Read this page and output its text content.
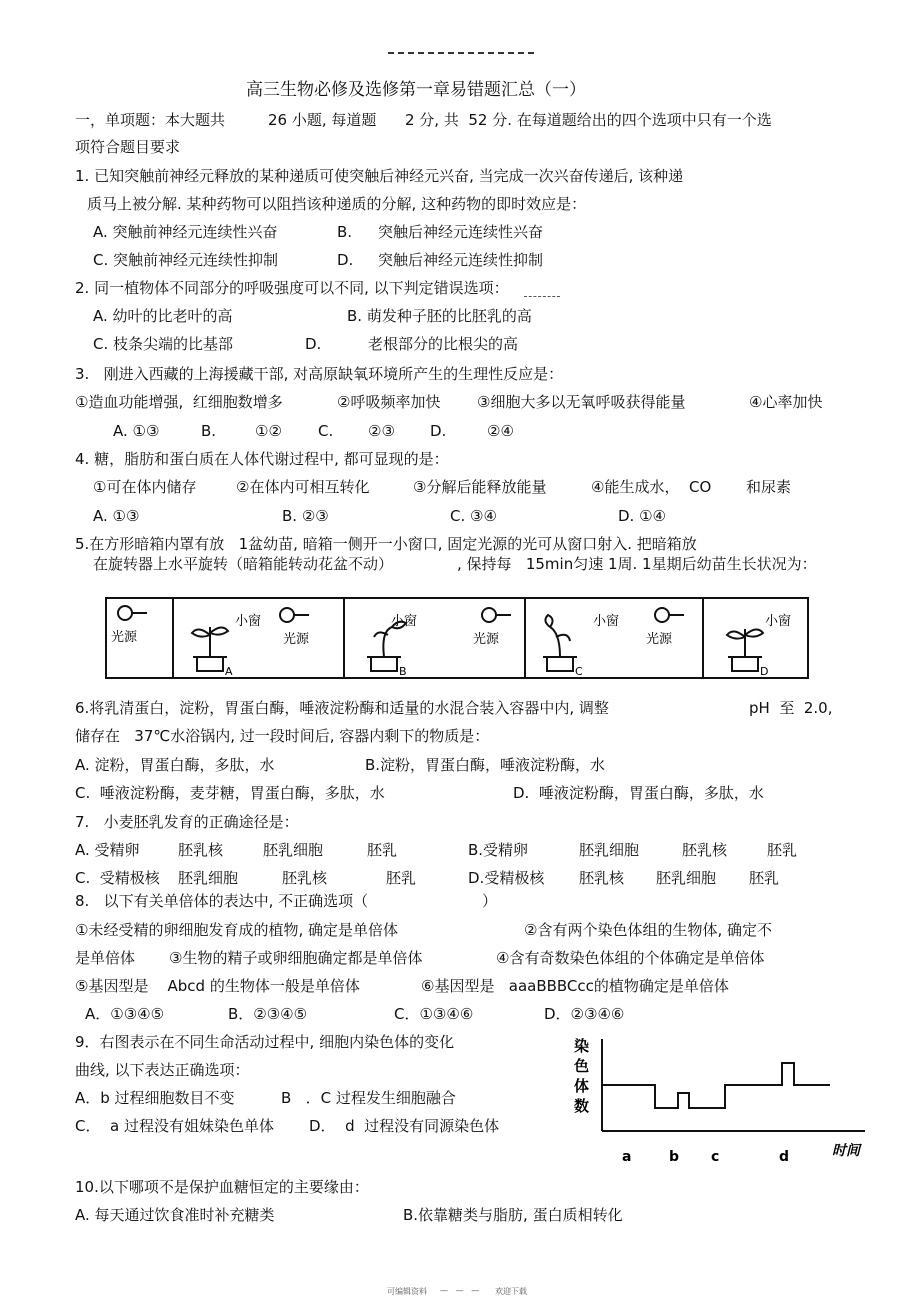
高三生物必修及选修第一章易错题汇总（一）
一，单项题：本大题共	26 小题, 每道题 2 分, 共  52 分. 在每道题给出的四个选项中只有一个选
项符合题目要求
1. 已知突触前神经元释放的某种递质可使突触后神经元兴奋, 当完成一次兴奋传递后, 该种递
质马上被分解. 某种药物可以阻挡该种递质的分解, 这种药物的即时效应是：
A. 突触前神经元连续性兴奋	B. 突触后神经元连续性兴奋
C. 突触前神经元连续性抑制	D. 突触后神经元连续性抑制
2. 同一植物体不同部分的呼吸强度可以不同, 以下判定错误选项：
A. 幼叶的比老叶的高	B. 萌发种子胚的比胚乳的高
C. 枝条尖端的比基部	D.	老根部分的比根尖的高
3.   刚进入西藏的上海援藏干部, 对高原缺氧环境所产生的生理性反应是：
①造血功能增强,  红细胞数增多	②呼吸频率加快 ③细胞大多以无氧呼吸获得能量	④心率加快
A. ①③	B.	①② C. ②③ D.	②④
4. 糖，脂肪和蛋白质在人体代谢过程中, 都可显现的是：
①可在体内储存	②在体内可相互转化	③分解后能释放能量	④能生成水，  CO 和尿素
A. ①③	B. ②③	C. ③④	D. ①④
5.在方形暗箱内罩有放   1盆幼苗, 暗箱一侧开一小窗口, 固定光源的光可从窗口射入. 把暗箱放
在旋转器上水平旋转（暗箱能转动花盆不动）	, 保持每   15min匀速 1周. 1星期后幼苗生长状况为：
光源	光源	光源	光源
小窗	小窗	小窗	小窗
A	B	C	D
6.将乳清蛋白，淀粉，胃蛋白酶，唾液淀粉酶和适量的水混合装入容器中内, 调整	pH  至  2.0,
储存在   37℃水浴锅内, 过一段时间后, 容器内剩下的物质是：
A. 淀粉，胃蛋白酶，多肽，水	B.淀粉，胃蛋白酶，唾液淀粉酶，水
C.  唾液淀粉酶，麦芽糖，胃蛋白酶，多肽，水	D.  唾液淀粉酶，胃蛋白酶，多肽，水
7.   小麦胚乳发育的正确途径是：
A. 受精卵	胚乳核	胚乳细胞	胚乳	B.受精卵	胚乳细胞	胚乳核	胚乳
C.  受精极核 胚乳细胞	胚乳核	胚乳	D.受精极核 胚乳核 胚乳细胞 胚乳
8.   以下有关单倍体的表达中, 不正确选项（	）
①未经受精的卵细胞发育成的植物, 确定是单倍体	②含有两个染色体组的生物体, 确定不
是单倍体 ③生物的精子或卵细胞确定都是单倍体	④含有奇数染色体组的个体确定是单倍体
⑤基因型是    Abcd 的生物体一般是单倍体	⑥基因型是   aaaBBBCcc的植物确定是单倍体
A．①③④⑤	B．②③④⑤	C．①③④⑥	D．②③④⑥
9．右图表示在不同生命活动过程中, 细胞内染色体的变化
曲线, 以下表达正确选项：
A．b 过程细胞数目不变	B   ．C 过程发生细胞融合
C．  a 过程没有姐妹染色单体 D．  d  过程没有同源染色体
染
色
体
数
a	b c	d	时间
10.以下哪项不是保护血糖恒定的主要缘由：
A. 每天通过饮食准时补充糖类	B.依靠糖类与脂肪, 蛋白质相转化
可编辑资料 —   —   — 欢迎下载
